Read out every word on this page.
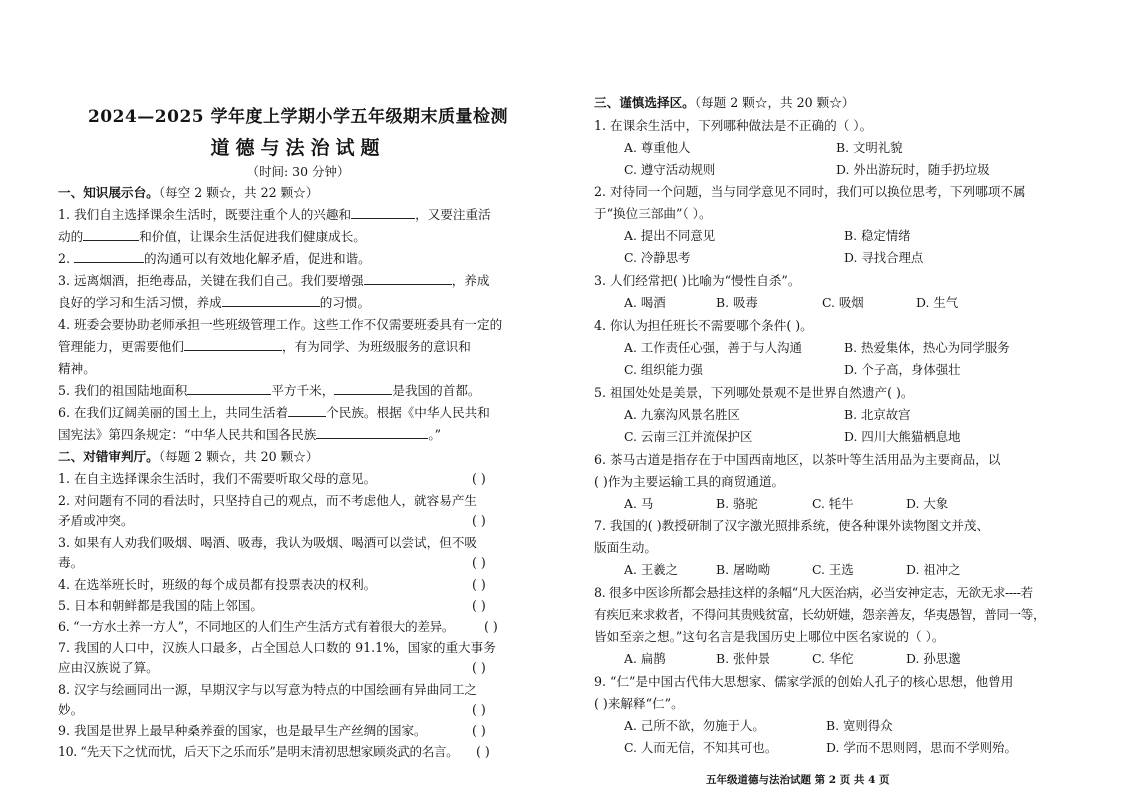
2024—2025 学年度上学期小学五年级期末质量检测
道德与法治试题
（时间: 30 分钟）
一、知识展示台。（每空 2 颗☆，共 22 颗☆）
1. 我们自主选择课余生活时，既要注重个人的兴趣和	，又要注重活
动的	和价值，让课余生活促进我们健康成长。
2.	的沟通可以有效地化解矛盾，促进和谐。
3. 远离烟酒，拒绝毒品，关键在我们自己。我们要增强	，养成
良好的学习和生活习惯，养成	的习惯。
4. 班委会要协助老师承担一些班级管理工作。这些工作不仅需要班委具有一定的
管理能力，更需要他们	，有为同学、为班级服务的意识和
精神。
5. 我们的祖国陆地面积	平方千米，	是我国的首都。
6. 在我们辽阔美丽的国土上，共同生活着	个民族。根据《中华人民共和
国宪法》第四条规定：“中华人民共和国各民族	。”
二、对错审判厅。（每题 2 颗☆，共 20 颗☆）
1. 在自主选择课余生活时，我们不需要听取父母的意见。	( )
2. 对问题有不同的看法时，只坚持自己的观点，而不考虑他人，就容易产生
矛盾或冲突。	( )
3. 如果有人劝我们吸烟、喝酒、吸毒，我认为吸烟、喝酒可以尝试，但不吸
毒。	( )
4. 在选举班长时，班级的每个成员都有投票表决的权利。	( )
5. 日本和朝鲜都是我国的陆上邻国。	( )
6. “一方水土养一方人”，不同地区的人们生产生活方式有着很大的差异。 ( )
7. 我国的人口中，汉族人口最多，占全国总人口数的 91.1%，国家的重大事务
应由汉族说了算。	( )
8. 汉字与绘画同出一源，早期汉字与以写意为特点的中国绘画有异曲同工之
妙。	( )
9. 我国是世界上最早种桑养蚕的国家，也是最早生产丝绸的国家。	( )
10. “先天下之忧而忧，后天下之乐而乐”是明末清初思想家顾炎武的名言。 ( )
三、谨慎选择区。（每题 2 颗☆，共 20 颗☆）
1. 在课余生活中，下列哪种做法是不正确的（ ）。
A. 尊重他人	B. 文明礼貌
C. 遵守活动规则	D. 外出游玩时，随手扔垃圾
2. 对待同一个问题，当与同学意见不同时，我们可以换位思考，下列哪项不属
于“换位三部曲”（ ）。
A. 提出不同意见	B. 稳定情绪
C. 冷静思考	D. 寻找合理点
3. 人们经常把( )比喻为“慢性自杀”。
A. 喝酒	B. 吸毒	C. 吸烟	D. 生气
4. 你认为担任班长不需要哪个条件( )。
A. 工作责任心强，善于与人沟通	B. 热爱集体，热心为同学服务
C. 组织能力强	D. 个子高，身体强壮
5. 祖国处处是美景，下列哪处景观不是世界自然遗产( )。
A. 九寨沟风景名胜区	B. 北京故宫
C. 云南三江并流保护区	D. 四川大熊猫栖息地
6. 茶马古道是指存在于中国西南地区，以茶叶等生活用品为主要商品，以
( )作为主要运输工具的商贸通道。
A. 马	B. 骆驼	C. 牦牛	D. 大象
7. 我国的( )教授研制了汉字激光照排系统，使各种课外读物图文并茂、
版面生动。
A. 王羲之	B. 屠呦呦	C. 王选	D. 祖冲之
8. 很多中医诊所都会悬挂这样的条幅“凡大医治病，必当安神定志，无欲无求----若
有疾厄来求救者，不得问其贵贱贫富，长幼妍媸，怨亲善友，华夷愚智，普同一等，
皆如至亲之想。”这句名言是我国历史上哪位中医名家说的（ ）。
A. 扁鹊	B. 张仲景	C. 华佗	D. 孙思邈
9. “仁”是中国古代伟大思想家、儒家学派的创始人孔子的核心思想，他曾用
( )来解释“仁”。
A. 己所不欲，勿施于人。	B. 宽则得众
C. 人而无信，不知其可也。	D. 学而不思则罔，思而不学则殆。
五年级道德与法治试题 第 2 页 共 4 页
